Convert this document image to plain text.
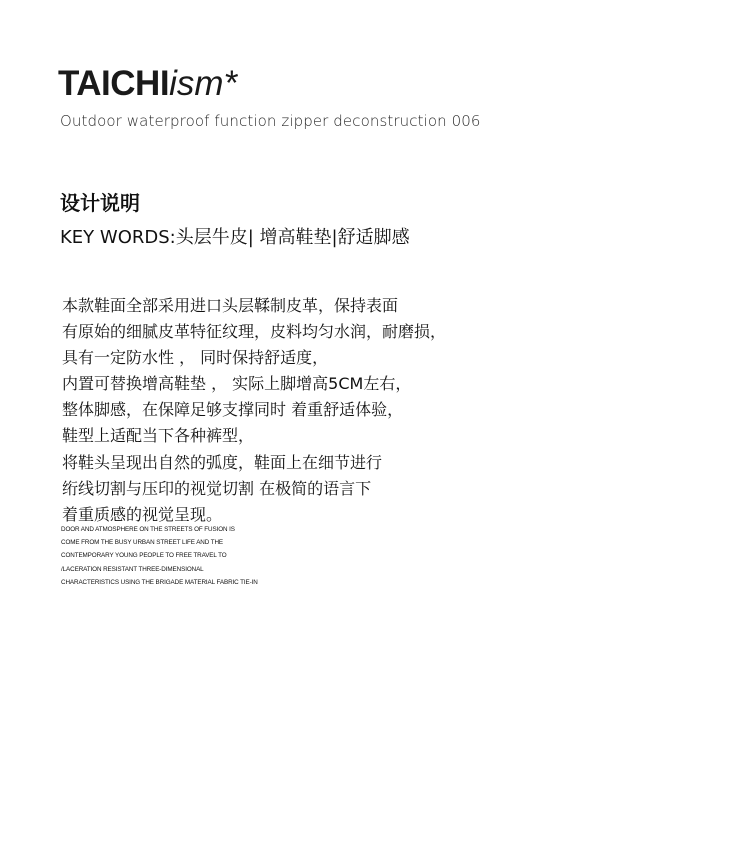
TAICHIism*
Outdoor waterproof function zipper deconstruction 006
设计说明
KEY WORDS:头层牛皮| 增高鞋垫|舒适脚感
本款鞋面全部采用进口头层鞣制皮革，保持表面
有原始的细腻皮革特征纹理，皮料均匀水润，耐磨损，
具有一定防水性 ， 同时保持舒适度，
内置可替换增高鞋垫 ， 实际上脚增高5CM左右，
整体脚感，在保障足够支撑同时 着重舒适体验，
鞋型上适配当下各种裤型，
将鞋头呈现出自然的弧度，鞋面上在细节进行
绗线切割与压印的视觉切割 在极简的语言下
着重质感的视觉呈现。
DOOR AND ATMOSPHERE ON THE STREETS OF FUSION IS
COME FROM THE BUSY URBAN STREET LIFE AND THE
CONTEMPORARY YOUNG PEOPLE TO FREE TRAVEL TO
/LACERATION RESISTANT THREE-DIMENSIONAL
CHARACTERISTICS USING THE BRIGADE MATERIAL FABRIC TIE-IN
